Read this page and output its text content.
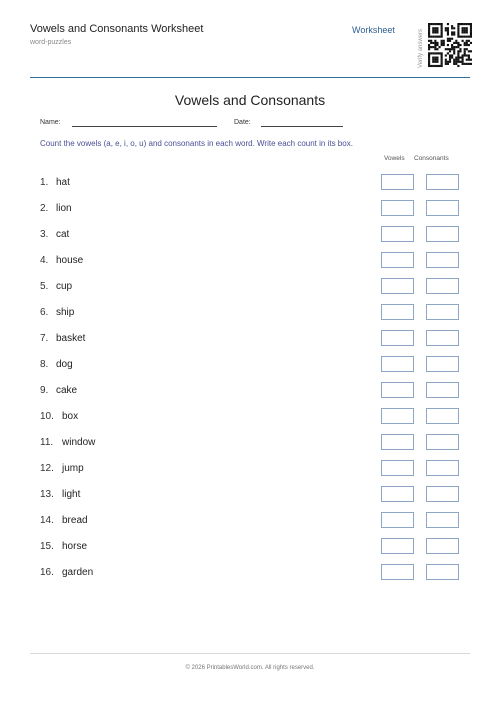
Vowels and Consonants Worksheet
word-puzzles
Worksheet	Verify answers
Vowels and Consonants
Name:	Date:
Count the vowels (a, e, i, o, u) and consonants in each word. Write each count in its box.
Vowels Consonants
1. hat
2. lion
3. cat
4. house
5. cup
6. ship
7. basket
8. dog
9. cake
10. box
11. window
12. jump
13. light
14. bread
15. horse
16. garden
© 2026 PrintablesWorld.com. All rights reserved.
